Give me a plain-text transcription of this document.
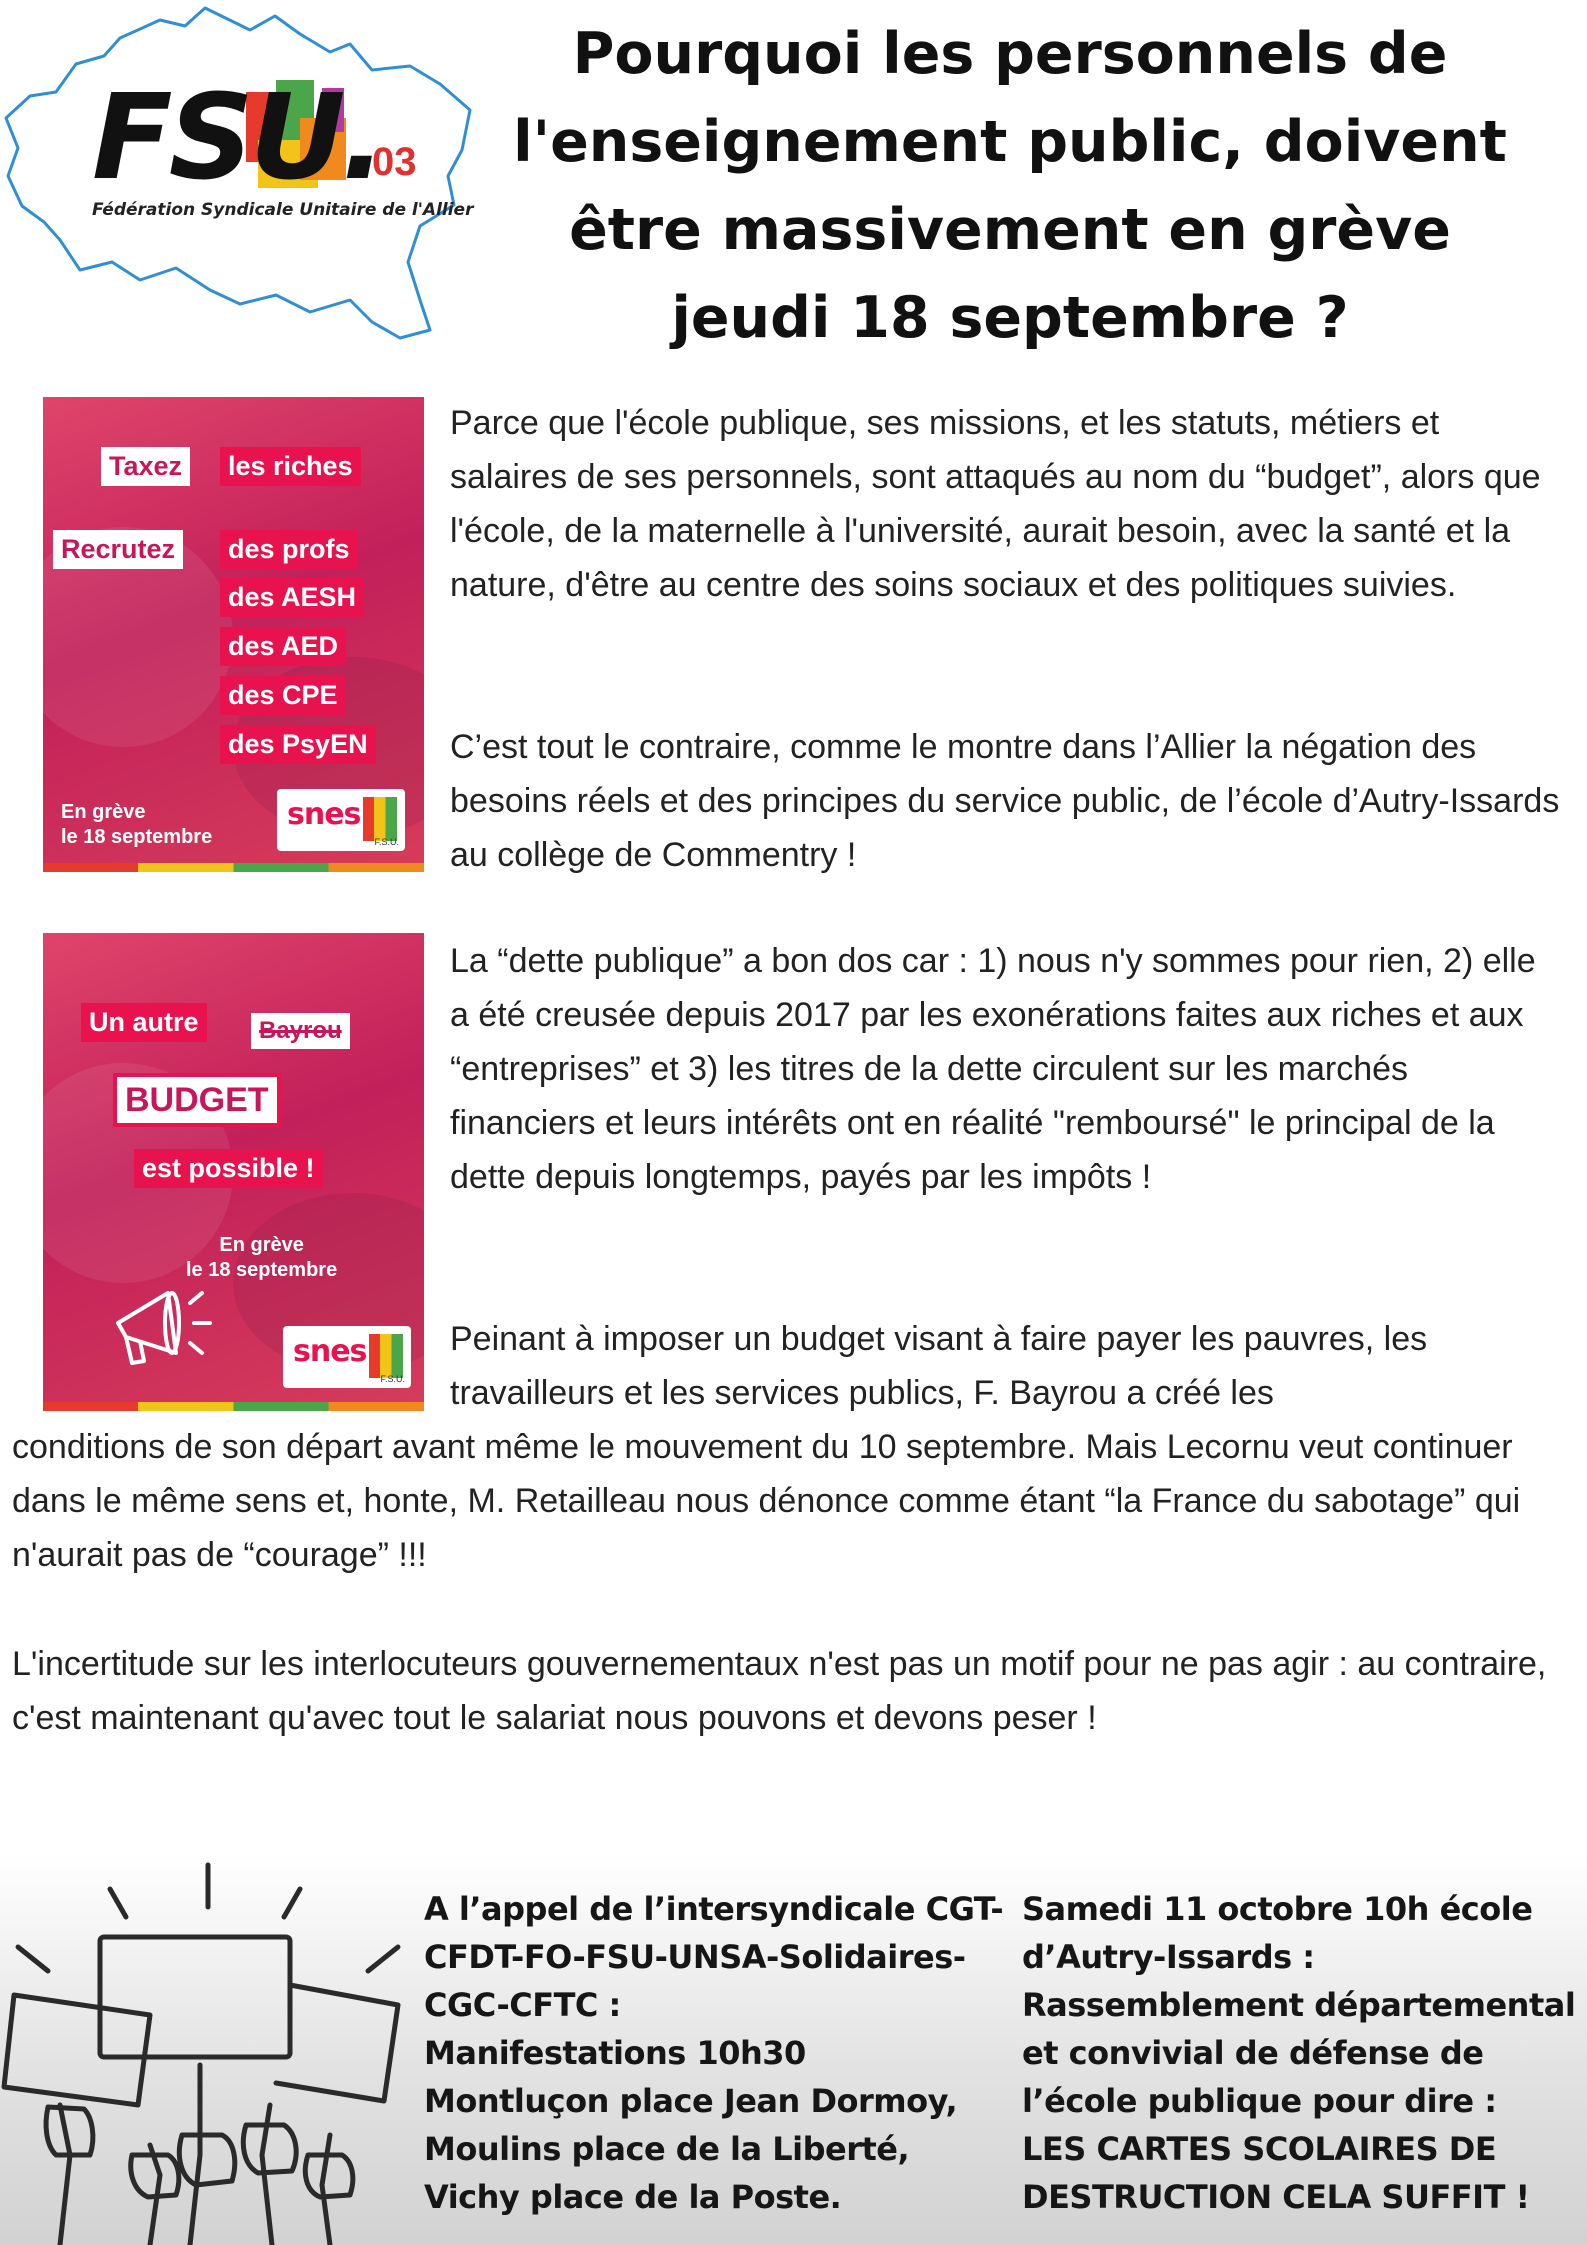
FSU.
03
Fédération Syndicale Unitaire de l'Allier
Pourquoi les personnels de
l'enseignement public, doivent
être massivement en grève
jeudi 18 septembre ?
Taxez les riches
Recrutez des profs
des AESH
des AED
des CPE
des PsyEN
En grève
le 18 septembre
snes
F.S.U.
Un autre	Bayrou
BUDGET
est possible !
En grève
le 18 septembre
snes
F.S.U.

Parce que l'école publique, ses missions, et les statuts, métiers et salaires de ses personnels, sont attaqués au nom du “budget”, alors que l'école, de la maternelle à l'université, aurait besoin, avec la santé et la nature, d'être au centre des soins sociaux et des politiques suivies.

C’est tout le contraire, comme le montre dans l’Allier la négation des besoins réels et des principes du service public, de l’école d’Autry-Issards au collège de Commentry !

La “dette publique” a bon dos car : 1) nous n'y sommes pour rien, 2) elle a été creusée depuis 2017 par les exonérations faites aux riches et aux “entreprises” et 3) les titres de la dette circulent sur les marchés financiers et leurs intérêts ont en réalité "remboursé" le principal de la dette depuis longtemps, payés par les impôts !

Peinant à imposer un budget visant à faire payer les pauvres, les travailleurs et les services publics, F. Bayrou a créé les

conditions de son départ avant même le mouvement du 10 septembre. Mais Lecornu veut continuer dans le même sens et, honte, M. Retailleau nous dénonce comme étant “la France du sabotage” qui n'aurait pas de “courage” !!!

L'incertitude sur les interlocuteurs gouvernementaux n'est pas un motif pour ne pas agir : au contraire, c'est maintenant qu'avec tout le salariat nous pouvons et devons peser !

A l’appel de l’intersyndicale CGT-
CFDT-FO-FSU-UNSA-Solidaires-
CGC-CFTC :
Manifestations 10h30
Montluçon place Jean Dormoy,
Moulins place de la Liberté,
Vichy place de la Poste.
Samedi 11 octobre 10h école
d’Autry-Issards :
Rassemblement départemental
et convivial de défense de
l’école publique pour dire :
LES CARTES SCOLAIRES DE
DESTRUCTION CELA SUFFIT !
